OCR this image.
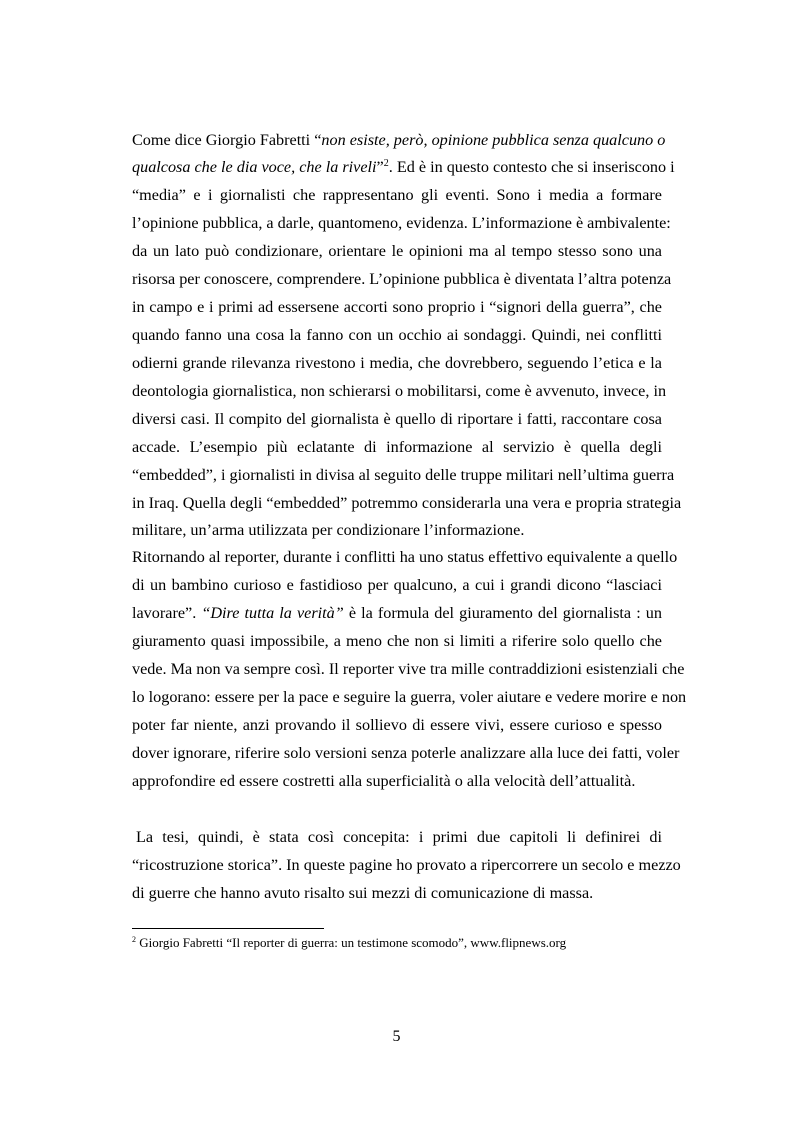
Come dice Giorgio Fabretti “non esiste, però, opinione pubblica senza qualcuno o
qualcosa che le dia voce, che la riveli”$^2$. Ed è in questo contesto che si inseriscono i
“media” e i giornalisti che rappresentano gli eventi. Sono i media a formare
l’opinione pubblica, a darle, quantomeno, evidenza. L’informazione è ambivalente:
da un lato può condizionare, orientare le opinioni ma al tempo stesso sono una
risorsa per conoscere, comprendere. L’opinione pubblica è diventata l’altra potenza
in campo e i primi ad essersene accorti sono proprio i “signori della guerra”, che
quando fanno una cosa la fanno con un occhio ai sondaggi. Quindi, nei conflitti
odierni grande rilevanza rivestono i media, che dovrebbero, seguendo l’etica e la
deontologia giornalistica, non schierarsi o mobilitarsi, come è avvenuto, invece, in
diversi casi. Il compito del giornalista è quello di riportare i fatti, raccontare cosa
accade. L’esempio più eclatante di informazione al servizio è quella degli
“embedded”, i giornalisti in divisa al seguito delle truppe militari nell’ultima guerra
in Iraq. Quella degli “embedded” potremmo considerarla una vera e propria strategia
militare, un’arma utilizzata per condizionare l’informazione.
Ritornando al reporter, durante i conflitti ha uno status effettivo equivalente a quello
di un bambino curioso e fastidioso per qualcuno, a cui i grandi dicono “lasciaci
lavorare”. “Dire tutta la verità” è la formula del giuramento del giornalista : un
giuramento quasi impossibile, a meno che non si limiti a riferire solo quello che
vede. Ma non va sempre così. Il reporter vive tra mille contraddizioni esistenziali che
lo logorano: essere per la pace e seguire la guerra, voler aiutare e vedere morire e non
poter far niente, anzi provando il sollievo di essere vivi, essere curioso e spesso
dover ignorare, riferire solo versioni senza poterle analizzare alla luce dei fatti, voler
approfondire ed essere costretti alla superficialità o alla velocità dell’attualità.
La tesi, quindi, è stata così concepita: i primi due capitoli li definirei di
“ricostruzione storica”. In queste pagine ho provato a ripercorrere un secolo e mezzo
di guerre che hanno avuto risalto sui mezzi di comunicazione di massa.
$^2$ Giorgio Fabretti “Il reporter di guerra: un testimone scomodo”, www.flipnews.org
5
